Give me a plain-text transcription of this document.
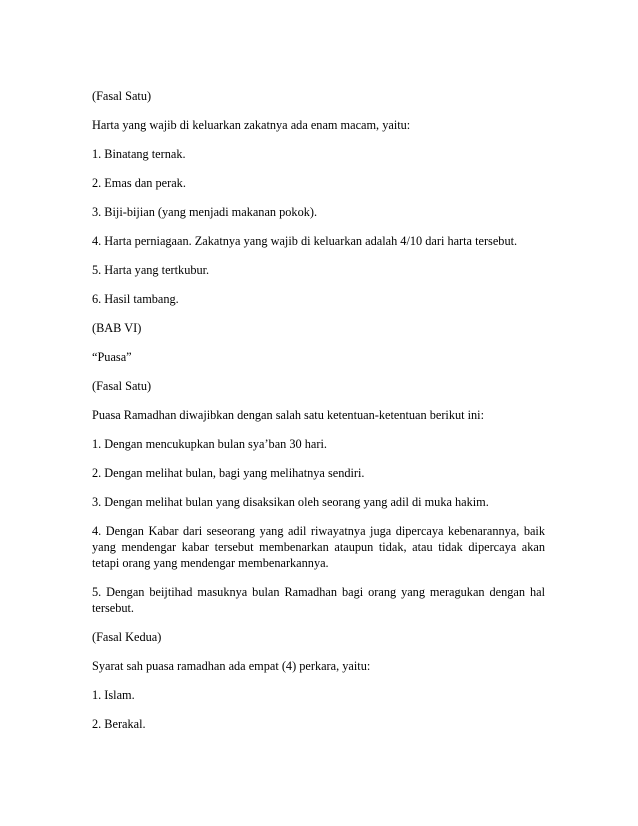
(Fasal Satu)

Harta yang wajib di keluarkan zakatnya ada enam macam, yaitu:

1. Binatang ternak.

2. Emas dan perak.

3. Biji-bijian (yang menjadi makanan pokok).

4. Harta perniagaan. Zakatnya yang wajib di keluarkan adalah 4/10 dari harta tersebut.

5. Harta yang tertkubur.

6. Hasil tambang.

(BAB VI)

“Puasa”

(Fasal Satu)

Puasa Ramadhan diwajibkan dengan salah satu ketentuan-ketentuan berikut ini:

1. Dengan mencukupkan bulan sya’ban 30 hari.

2. Dengan melihat bulan, bagi yang melihatnya sendiri.

3. Dengan melihat bulan yang disaksikan oleh seorang yang adil di muka hakim.

4. Dengan Kabar dari seseorang yang adil riwayatnya juga dipercaya kebenarannya, baik yang mendengar kabar tersebut membenarkan ataupun tidak, atau tidak dipercaya akan tetapi orang yang mendengar membenarkannya.

5. Dengan beijtihad masuknya bulan Ramadhan bagi orang yang meragukan dengan hal tersebut.

(Fasal Kedua)

Syarat sah puasa ramadhan ada empat (4) perkara, yaitu:

1. Islam.

2. Berakal.
